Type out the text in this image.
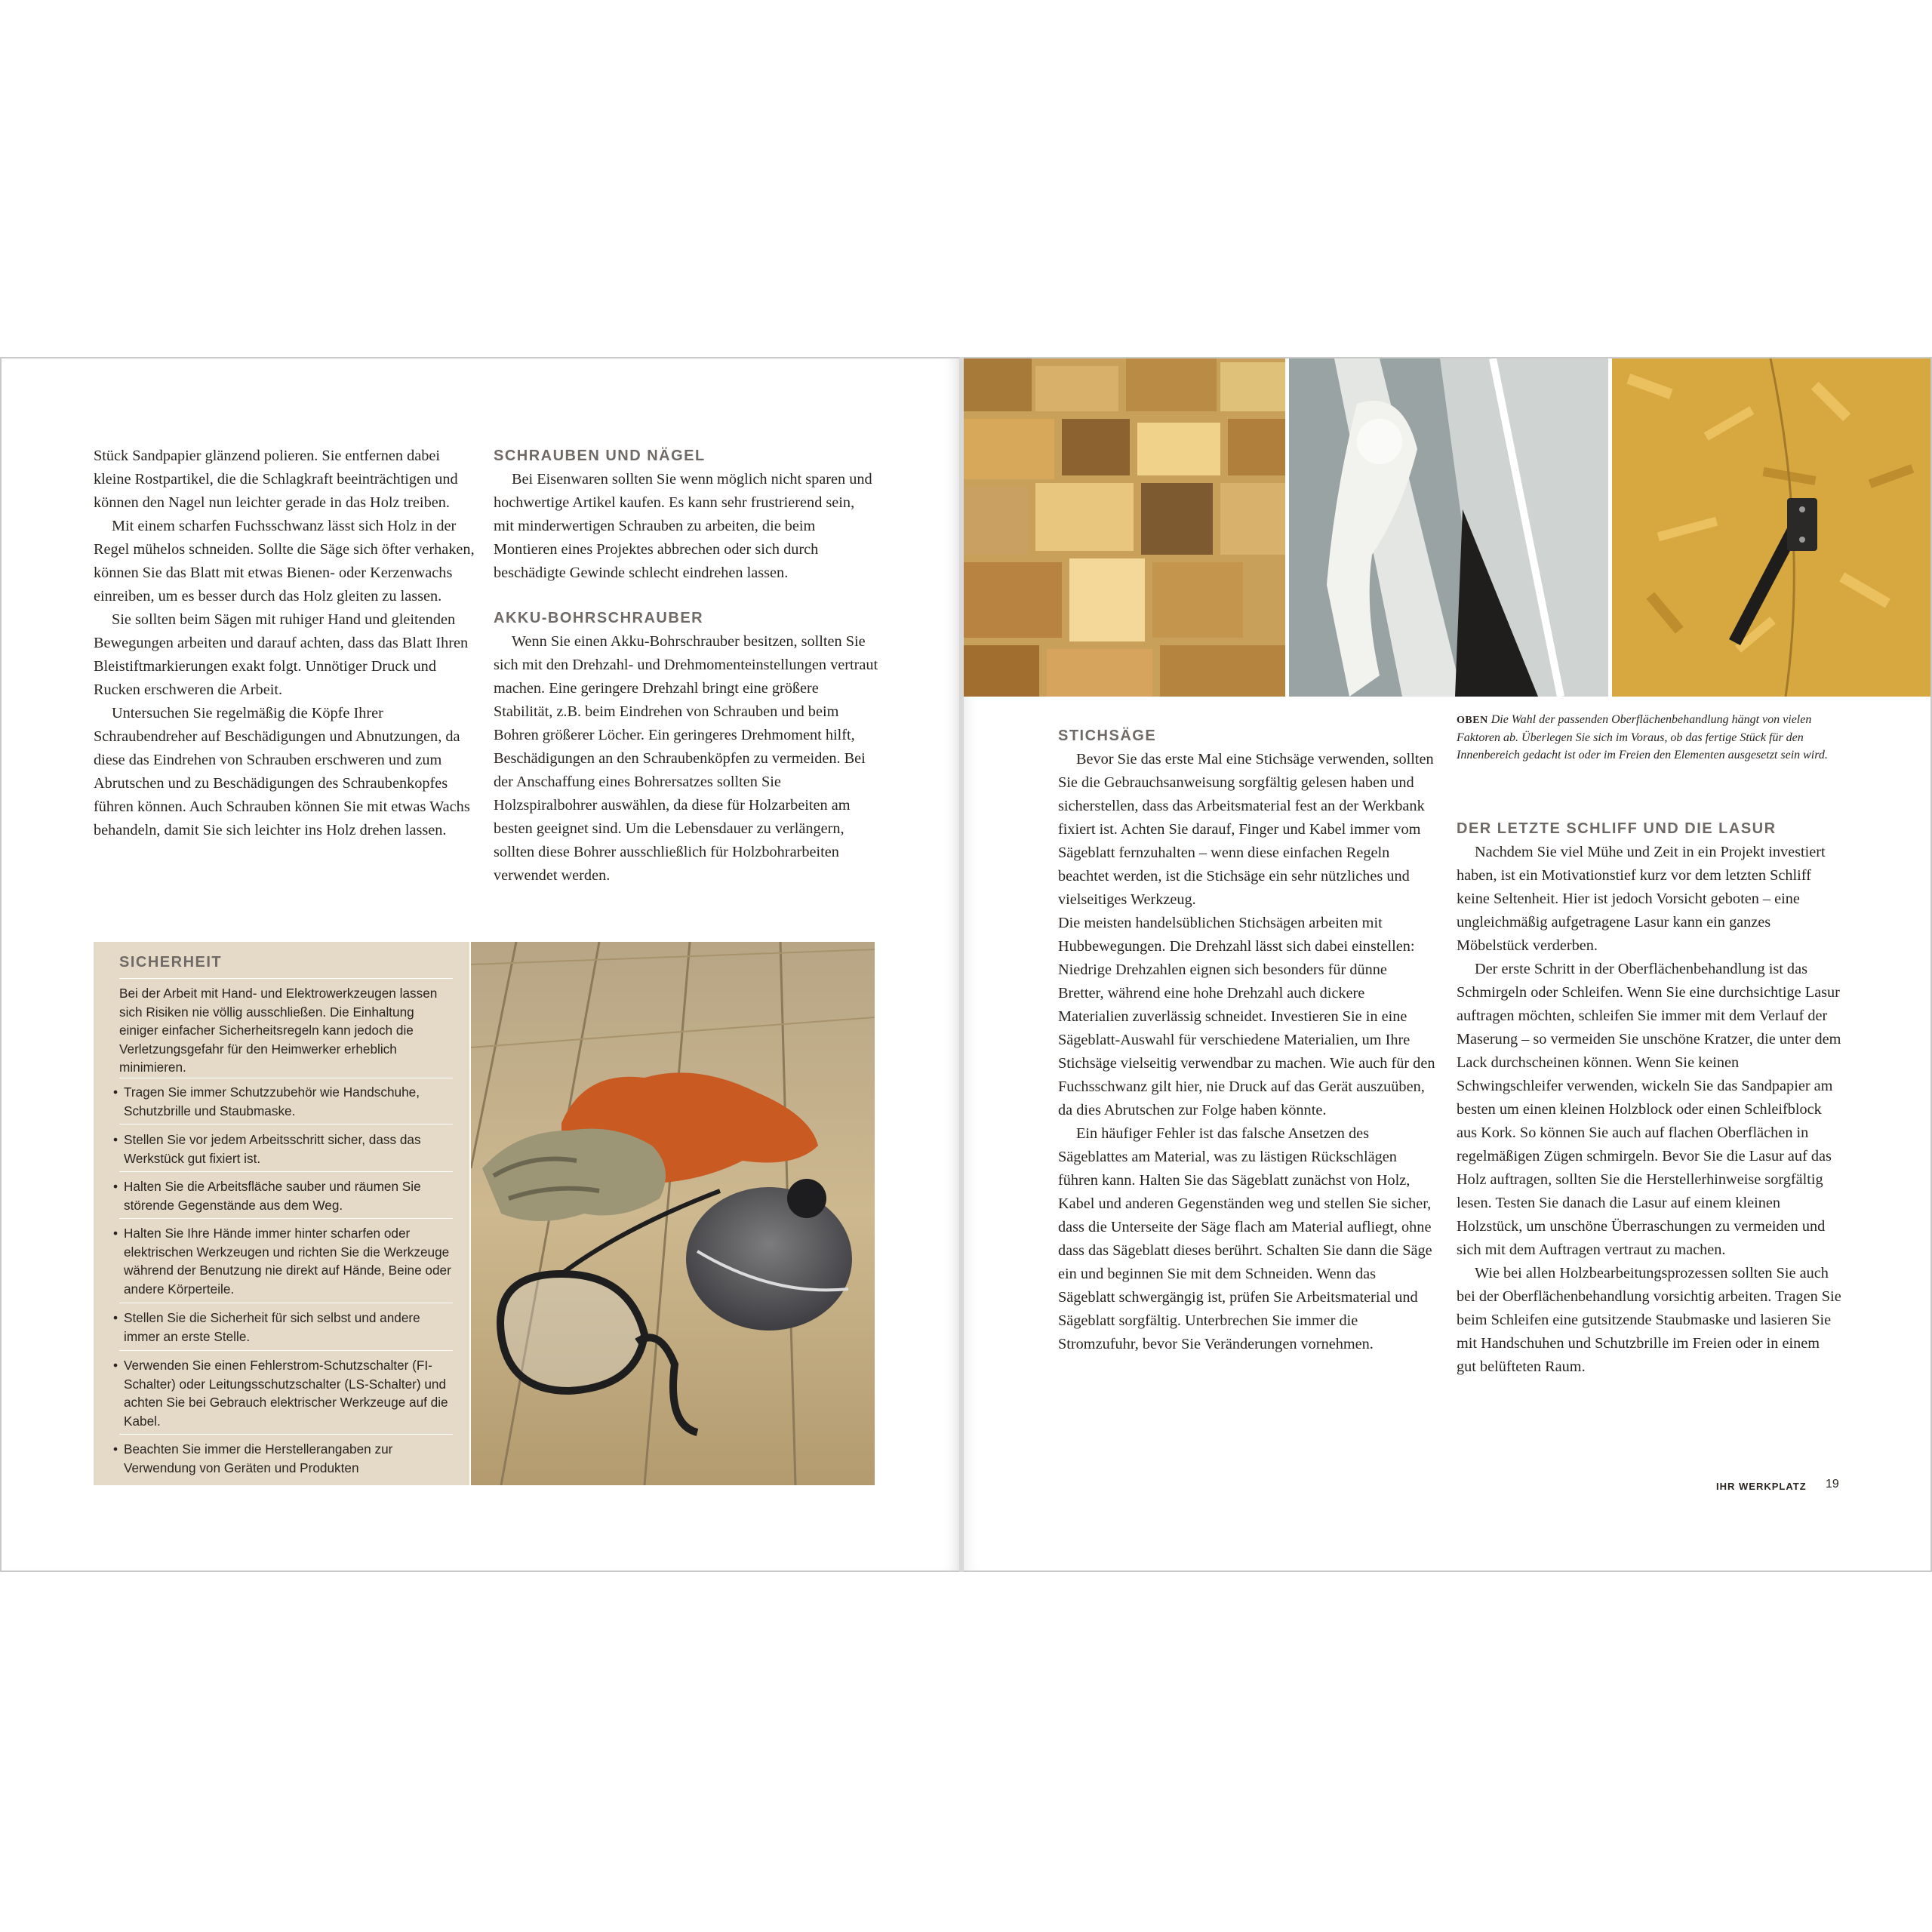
Stück Sandpapier glänzend polieren. Sie entfernen dabei kleine Rostpartikel, die die Schlagkraft beeinträchtigen und können den Nagel nun leichter gerade in das Holz treiben.

Mit einem scharfen Fuchsschwanz lässt sich Holz in der Regel mühelos schneiden. Sollte die Säge sich öfter verhaken, können Sie das Blatt mit etwas Bienen- oder Kerzenwachs einreiben, um es besser durch das Holz gleiten zu lassen.

Sie sollten beim Sägen mit ruhiger Hand und gleitenden Bewegungen arbeiten und darauf achten, dass das Blatt Ihren Bleistiftmarkierungen exakt folgt. Unnötiger Druck und Rucken erschweren die Arbeit.

Untersuchen Sie regelmäßig die Köpfe Ihrer Schraubendreher auf Beschädigungen und Abnutzungen, da diese das Eindrehen von Schrauben erschweren und zum Abrutschen und zu Beschädigungen des Schraubenkopfes führen können. Auch Schrauben können Sie mit etwas Wachs behandeln, damit Sie sich leichter ins Holz drehen lassen.

SCHRAUBEN UND NÄGEL

Bei Eisenwaren sollten Sie wenn möglich nicht sparen und hochwertige Artikel kaufen. Es kann sehr frustrierend sein, mit minderwertigen Schrauben zu arbeiten, die beim Montieren eines Projektes abbrechen oder sich durch beschädigte Gewinde schlecht eindrehen lassen.

AKKU-BOHRSCHRAUBER

Wenn Sie einen Akku-Bohrschrauber besitzen, sollten Sie sich mit den Drehzahl- und Drehmomenteinstellungen vertraut machen. Eine geringere Drehzahl bringt eine größere Stabilität, z.B. beim Eindrehen von Schrauben und beim Bohren größerer Löcher. Ein geringeres Drehmoment hilft, Beschädigungen an den Schraubenköpfen zu vermeiden. Bei der Anschaffung eines Bohrersatzes sollten Sie Holzspiralbohrer auswählen, da diese für Holzarbeiten am besten geeignet sind. Um die Lebensdauer zu verlängern, sollten diese Bohrer ausschließlich für Holzbohrarbeiten verwendet werden.

SICHERHEIT
Bei der Arbeit mit Hand- und Elektrowerkzeugen lassen sich Risiken nie völlig ausschließen. Die Einhaltung einiger einfacher Sicherheitsregeln kann jedoch die Verletzungsgefahr für den Heimwerker erheblich minimieren.
• Tragen Sie immer Schutzzubehör wie Handschuhe, Schutzbrille und Staubmaske.
• Stellen Sie vor jedem Arbeitsschritt sicher, dass das Werkstück gut fixiert ist.
• Halten Sie die Arbeitsfläche sauber und räumen Sie störende Gegenstände aus dem Weg.
• Halten Sie Ihre Hände immer hinter scharfen oder elektrischen Werkzeugen und richten Sie die Werkzeuge während der Benutzung nie direkt auf Hände, Beine oder andere Körperteile.
• Stellen Sie die Sicherheit für sich selbst und andere immer an erste Stelle.
• Verwenden Sie einen Fehlerstrom-Schutzschalter (FI-Schalter) oder Leitungsschutzschalter (LS-Schalter) und achten Sie bei Gebrauch elektrischer Werkzeuge auf die Kabel.
• Beachten Sie immer die Herstellerangaben zur Verwendung von Geräten und Produkten
OBEN Die Wahl der passenden Oberflächenbehandlung hängt von vielen Faktoren ab. Überlegen Sie sich im Voraus, ob das fertige Stück für den Innenbereich gedacht ist oder im Freien den Elementen ausgesetzt sein wird.
STICHSÄGE

Bevor Sie das erste Mal eine Stichsäge verwenden, sollten Sie die Gebrauchsanweisung sorgfältig gelesen haben und sicherstellen, dass das Arbeitsmaterial fest an der Werkbank fixiert ist. Achten Sie darauf, Finger und Kabel immer vom Sägeblatt fernzuhalten – wenn diese einfachen Regeln beachtet werden, ist die Stichsäge ein sehr nützliches und vielseitiges Werkzeug.

Die meisten handelsüblichen Stichsägen arbeiten mit Hubbewegungen. Die Drehzahl lässt sich dabei einstellen: Niedrige Drehzahlen eignen sich besonders für dünne Bretter, während eine hohe Drehzahl auch dickere Materialien zuverlässig schneidet. Investieren Sie in eine Sägeblatt-Auswahl für verschiedene Materialien, um Ihre Stichsäge vielseitig verwendbar zu machen. Wie auch für den Fuchsschwanz gilt hier, nie Druck auf das Gerät auszuüben, da dies Abrutschen zur Folge haben könnte.

Ein häufiger Fehler ist das falsche Ansetzen des Sägeblattes am Material, was zu lästigen Rückschlägen führen kann. Halten Sie das Sägeblatt zunächst von Holz, Kabel und anderen Gegenständen weg und stellen Sie sicher, dass die Unterseite der Säge flach am Material aufliegt, ohne dass das Sägeblatt dieses berührt. Schalten Sie dann die Säge ein und beginnen Sie mit dem Schneiden. Wenn das Sägeblatt schwergängig ist, prüfen Sie Arbeitsmaterial und Sägeblatt sorgfältig. Unterbrechen Sie immer die Stromzufuhr, bevor Sie Veränderungen vornehmen.

DER LETZTE SCHLIFF UND DIE LASUR

Nachdem Sie viel Mühe und Zeit in ein Projekt investiert haben, ist ein Motivationstief kurz vor dem letzten Schliff keine Seltenheit. Hier ist jedoch Vorsicht geboten – eine ungleichmäßig aufgetragene Lasur kann ein ganzes Möbelstück verderben.

Der erste Schritt in der Oberflächenbehandlung ist das Schmirgeln oder Schleifen. Wenn Sie eine durchsichtige Lasur auftragen möchten, schleifen Sie immer mit dem Verlauf der Maserung – so vermeiden Sie unschöne Kratzer, die unter dem Lack durchscheinen können. Wenn Sie keinen Schwingschleifer verwenden, wickeln Sie das Sandpapier am besten um einen kleinen Holzblock oder einen Schleifblock aus Kork. So können Sie auch auf flachen Oberflächen in regelmäßigen Zügen schmirgeln. Bevor Sie die Lasur auf das Holz auftragen, sollten Sie die Herstellerhinweise sorgfältig lesen. Testen Sie danach die Lasur auf einem kleinen Holzstück, um unschöne Überraschungen zu vermeiden und sich mit dem Auftragen vertraut zu machen.

Wie bei allen Holzbearbeitungsprozessen sollten Sie auch bei der Oberflächenbehandlung vorsichtig arbeiten. Tragen Sie beim Schleifen eine gutsitzende Staubmaske und lasieren Sie mit Handschuhen und Schutzbrille im Freien oder in einem gut belüfteten Raum.

IHR WERKPLATZ 19
